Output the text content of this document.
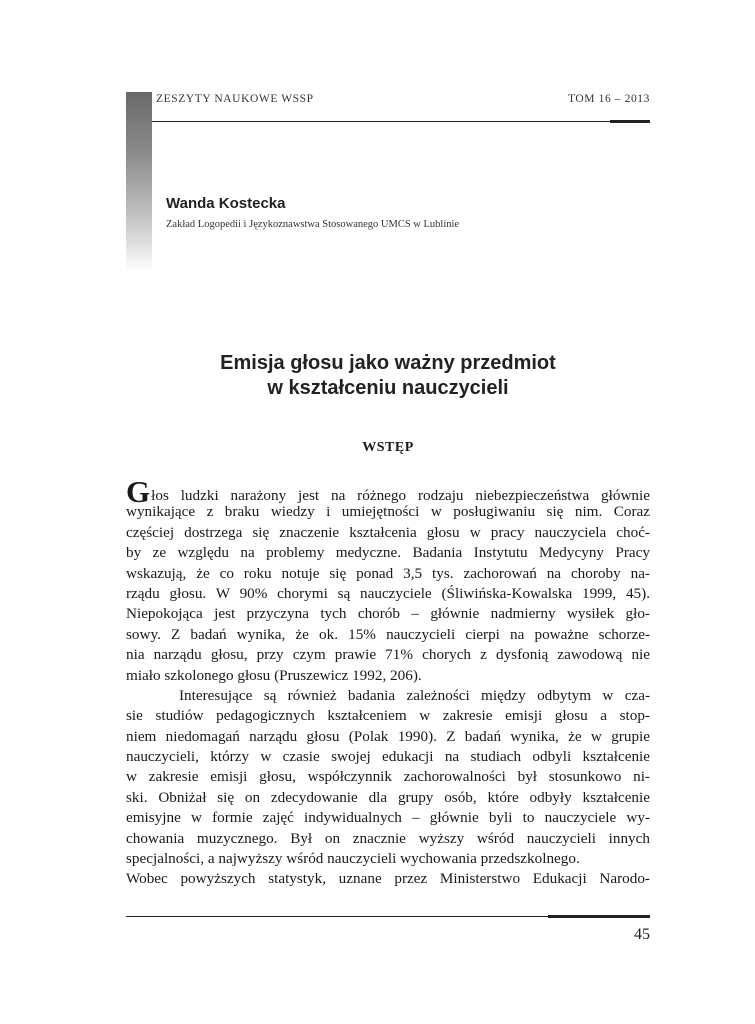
ZESZYTY NAUKOWE WSSP	TOM 16 – 2013
Wanda Kostecka
Zakład Logopedii i Językoznawstwa Stosowanego UMCS w Lublinie
Emisja głosu jako ważny przedmiot
w kształceniu nauczycieli
WSTĘP
Głos ludzki narażony jest na różnego rodzaju niebezpieczeństwa głównie
wynikające z braku wiedzy i umiejętności w posługiwaniu się nim. Coraz
częściej dostrzega się znaczenie kształcenia głosu w pracy nauczyciela choć-
by ze względu na problemy medyczne. Badania Instytutu Medycyny Pracy
wskazują, że co roku notuje się ponad 3,5 tys. zachorowań na choroby na-
rządu głosu. W 90% chorymi są nauczyciele (Śliwińska-Kowalska 1999, 45).
Niepokojąca jest przyczyna tych chorób – głównie nadmierny wysiłek gło-
sowy. Z badań wynika, że ok. 15% nauczycieli cierpi na poważne schorze-
nia narządu głosu, przy czym prawie 71% chorych z dysfonią zawodową nie
miało szkolonego głosu (Pruszewicz 1992, 206).
Interesujące są również badania zależności między odbytym w cza-
sie studiów pedagogicznych kształceniem w zakresie emisji głosu a stop-
niem niedomagań narządu głosu (Polak 1990). Z badań wynika, że w grupie
nauczycieli, którzy w czasie swojej edukacji na studiach odbyli kształcenie
w zakresie emisji głosu, współczynnik zachorowalności był stosunkowo ni-
ski. Obniżał się on zdecydowanie dla grupy osób, które odbyły kształcenie
emisyjne w formie zajęć indywidualnych – głównie byli to nauczyciele wy-
chowania muzycznego. Był on znacznie wyższy wśród nauczycieli innych
specjalności, a najwyższy wśród nauczycieli wychowania przedszkolnego.
Wobec powyższych statystyk, uznane przez Ministerstwo Edukacji Narodo-
45
